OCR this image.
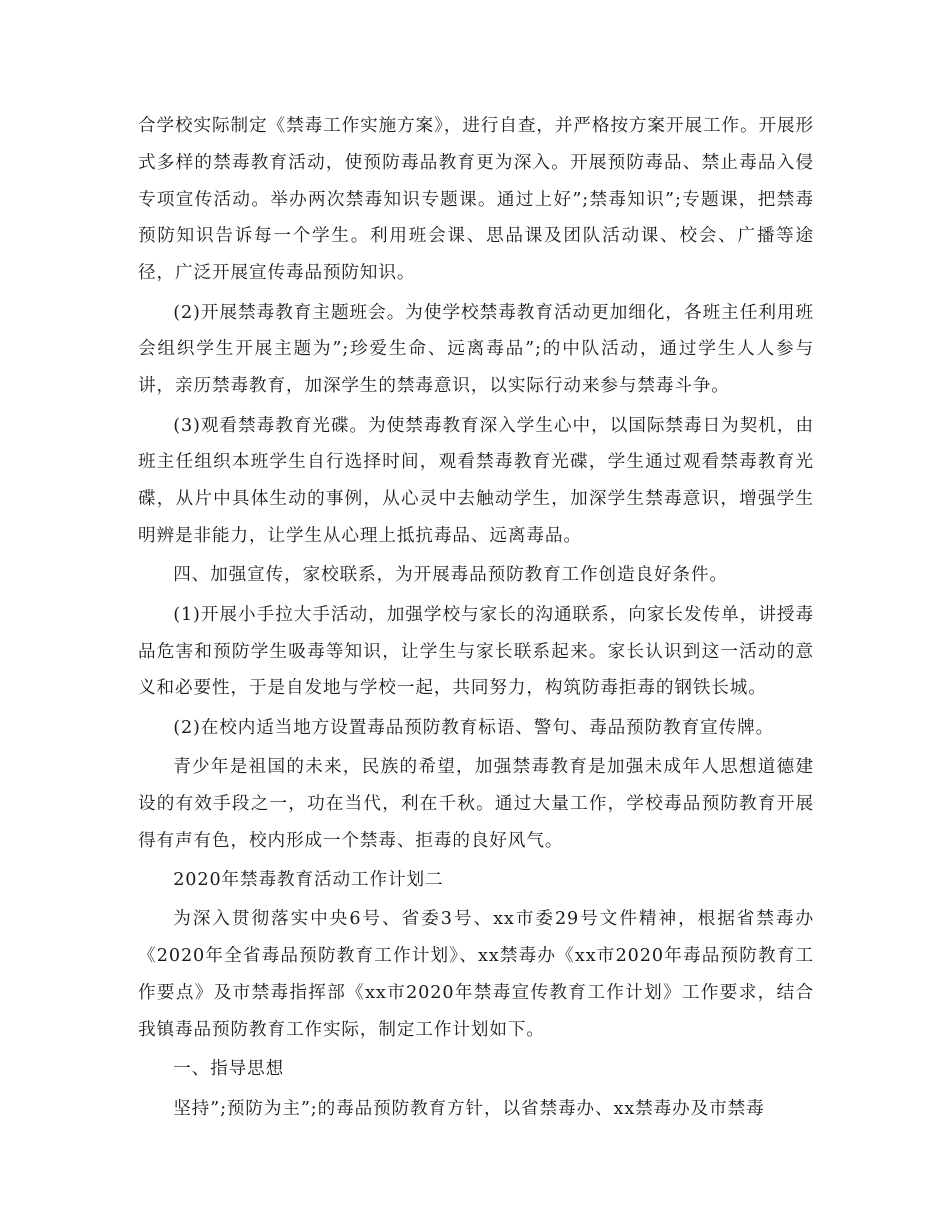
合学校实际制定《禁毒工作实施方案》，进行自查，并严格按方案开展工作。开展形式多样的禁毒教育活动，使预防毒品教育更为深入。开展预防毒品、禁止毒品入侵专项宣传活动。举办两次禁毒知识专题课。通过上好”;禁毒知识”;专题课，把禁毒预防知识告诉每一个学生。利用班会课、思品课及团队活动课、校会、广播等途径，广泛开展宣传毒品预防知识。

(2)开展禁毒教育主题班会。为使学校禁毒教育活动更加细化，各班主任利用班会组织学生开展主题为”;珍爱生命、远离毒品”;的中队活动，通过学生人人参与讲，亲历禁毒教育，加深学生的禁毒意识，以实际行动来参与禁毒斗争。

(3)观看禁毒教育光碟。为使禁毒教育深入学生心中，以国际禁毒日为契机，由班主任组织本班学生自行选择时间，观看禁毒教育光碟，学生通过观看禁毒教育光碟，从片中具体生动的事例，从心灵中去触动学生，加深学生禁毒意识，增强学生明辨是非能力，让学生从心理上抵抗毒品、远离毒品。

四、加强宣传，家校联系，为开展毒品预防教育工作创造良好条件。

(1)开展小手拉大手活动，加强学校与家长的沟通联系，向家长发传单，讲授毒品危害和预防学生吸毒等知识，让学生与家长联系起来。家长认识到这一活动的意义和必要性，于是自发地与学校一起，共同努力，构筑防毒拒毒的钢铁长城。

(2)在校内适当地方设置毒品预防教育标语、警句、毒品预防教育宣传牌。

青少年是祖国的未来，民族的希望，加强禁毒教育是加强未成年人思想道德建设的有效手段之一，功在当代，利在千秋。通过大量工作，学校毒品预防教育开展得有声有色，校内形成一个禁毒、拒毒的良好风气。

2020年禁毒教育活动工作计划二

为深入贯彻落实中央6号、省委3号、xx市委29号文件精神，根据省禁毒办《2020年全省毒品预防教育工作计划》、xx禁毒办《xx市2020年毒品预防教育工作要点》及市禁毒指挥部《xx市2020年禁毒宣传教育工作计划》工作要求，结合我镇毒品预防教育工作实际，制定工作计划如下。

一、指导思想

坚持”;预防为主”;的毒品预防教育方针，以省禁毒办、xx禁毒办及市禁毒
